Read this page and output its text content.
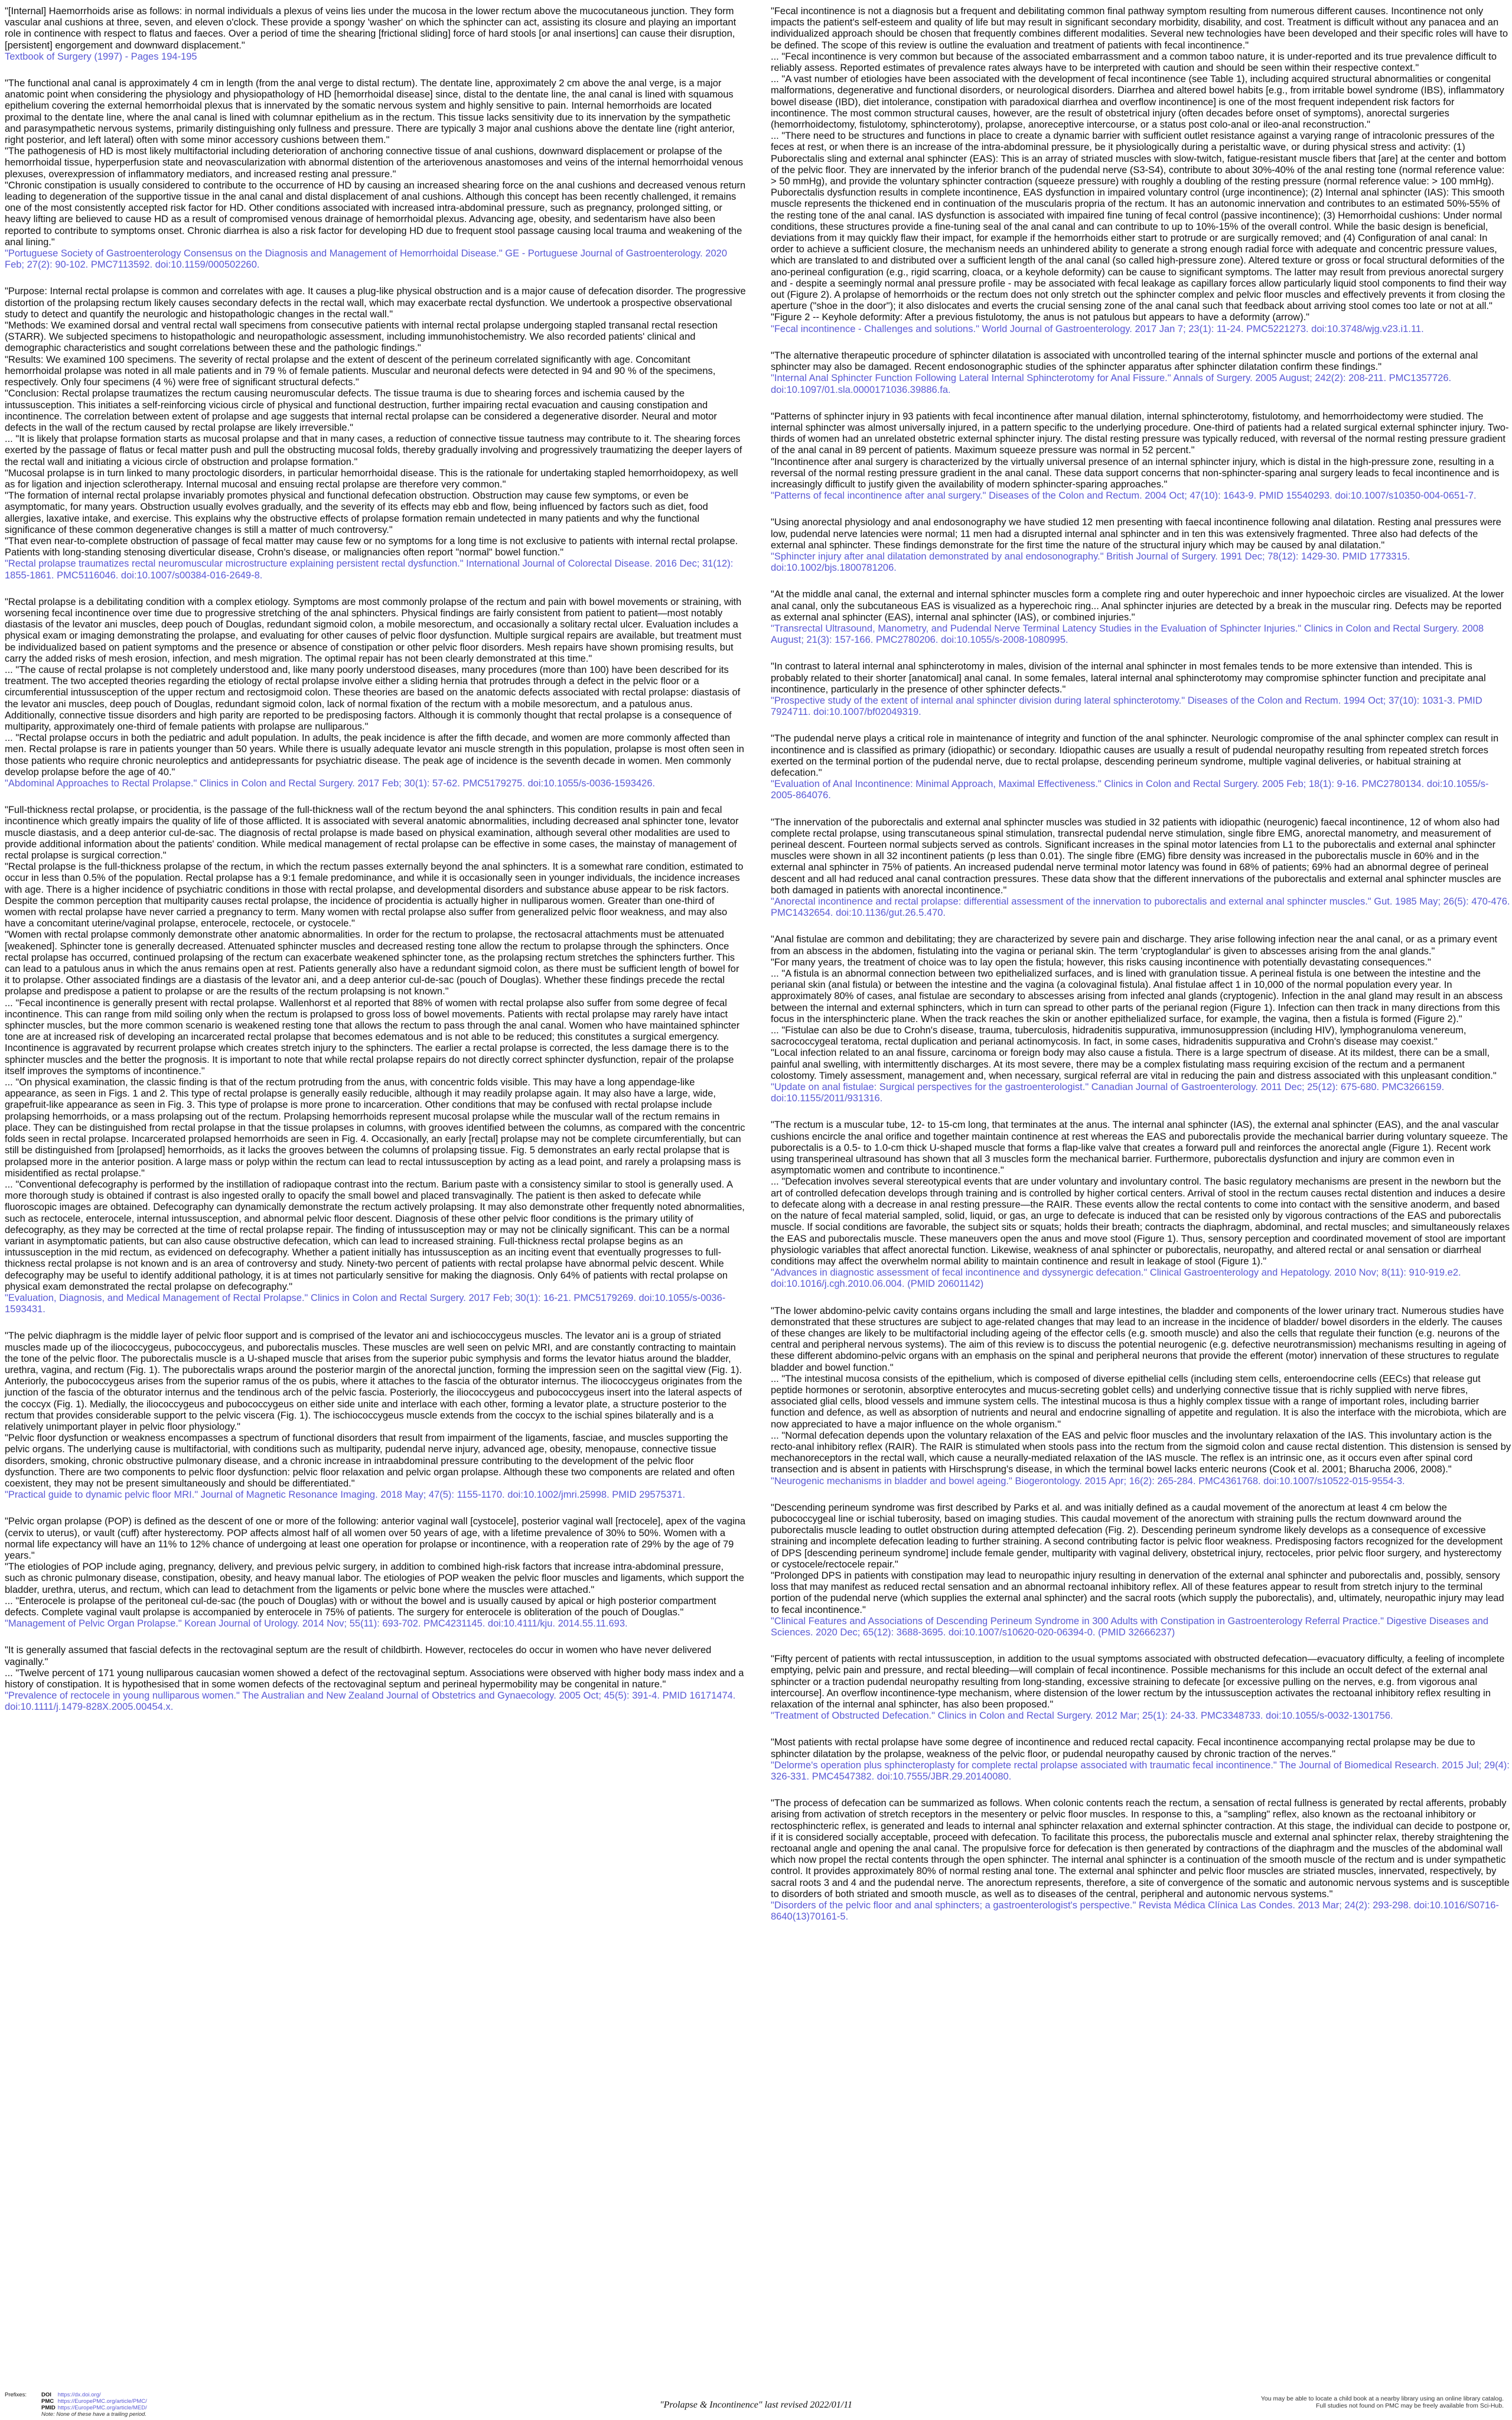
"[Internal] Haemorrhoids arise as follows: in normal individuals a plexus of veins lies under the mucosa in the lower rectum above the mucocutaneous junction. They form vascular anal cushions at three, seven, and eleven o'clock. These provide a spongy 'washer' on which the sphincter can act, assisting its closure and playing an important role in continence with respect to flatus and faeces. Over a period of time the shearing [frictional sliding] force of hard stools [or anal insertions] can cause their disruption, [persistent] engorgement and downward displacement."

Textbook of Surgery (1997) - Pages 194-195

"The functional anal canal is approximately 4 cm in length (from the anal verge to distal rectum). The dentate line, approximately 2 cm above the anal verge, is a major anatomic point when considering the physiology and physiopathology of HD [hemorrhoidal disease] since, distal to the dentate line, the anal canal is lined with squamous epithelium covering the external hemorrhoidal plexus that is innervated by the somatic nervous system and highly sensitive to pain. Internal hemorrhoids are located proximal to the dentate line, where the anal canal is lined with columnar epithelium as in the rectum. This tissue lacks sensitivity due to its innervation by the sympathetic and parasympathetic nervous systems, primarily distinguishing only fullness and pressure. There are typically 3 major anal cushions above the dentate line (right anterior, right posterior, and left lateral) often with some minor accessory cushions between them."

"The pathogenesis of HD is most likely multifactorial including deterioration of anchoring connective tissue of anal cushions, downward displacement or prolapse of the hemorrhoidal tissue, hyperperfusion state and neovascularization with abnormal distention of the arteriovenous anastomoses and veins of the internal hemorrhoidal venous plexuses, overexpression of inflammatory mediators, and increased resting anal pressure."

"Chronic constipation is usually considered to contribute to the occurrence of HD by causing an increased shearing force on the anal cushions and decreased venous return leading to degeneration of the supportive tissue in the anal canal and distal displacement of anal cushions. Although this concept has been recently challenged, it remains one of the most consistently accepted risk factor for HD. Other conditions associated with increased intra-abdominal pressure, such as pregnancy, prolonged sitting, or heavy lifting are believed to cause HD as a result of compromised venous drainage of hemorrhoidal plexus. Advancing age, obesity, and sedentarism have also been reported to contribute to symptoms onset. Chronic diarrhea is also a risk factor for developing HD due to frequent stool passage causing local trauma and weakening of the anal lining."

"Portuguese Society of Gastroenterology Consensus on the Diagnosis and Management of Hemorrhoidal Disease." GE - Portuguese Journal of Gastroenterology. 2020 Feb; 27(2): 90-102. PMC7113592. doi:10.1159/000502260.

"Purpose: Internal rectal prolapse is common and correlates with age. It causes a plug-like physical obstruction and is a major cause of defecation disorder. The progressive distortion of the prolapsing rectum likely causes secondary defects in the rectal wall, which may exacerbate rectal dysfunction. We undertook a prospective observational study to detect and quantify the neurologic and histopathologic changes in the rectal wall."

"Methods: We examined dorsal and ventral rectal wall specimens from consecutive patients with internal rectal prolapse undergoing stapled transanal rectal resection (STARR). We subjected specimens to histopathologic and neuropathologic assessment, including immunohistochemistry. We also recorded patients' clinical and demographic characteristics and sought correlations between these and the pathologic findings."

"Results: We examined 100 specimens. The severity of rectal prolapse and the extent of descent of the perineum correlated significantly with age. Concomitant hemorrhoidal prolapse was noted in all male patients and in 79 % of female patients. Muscular and neuronal defects were detected in 94 and 90 % of the specimens, respectively. Only four specimens (4 %) were free of significant structural defects."

"Conclusion: Rectal prolapse traumatizes the rectum causing neuromuscular defects. The tissue trauma is due to shearing forces and ischemia caused by the intussusception. This initiates a self-reinforcing vicious circle of physical and functional destruction, further impairing rectal evacuation and causing constipation and incontinence. The correlation between extent of prolapse and age suggests that internal rectal prolapse can be considered a degenerative disorder. Neural and motor defects in the wall of the rectum caused by rectal prolapse are likely irreversible."

... "It is likely that prolapse formation starts as mucosal prolapse and that in many cases, a reduction of connective tissue tautness may contribute to it. The shearing forces exerted by the passage of flatus or fecal matter push and pull the obstructing mucosal folds, thereby gradually involving and progressively traumatizing the deeper layers of the rectal wall and initiating a vicious circle of obstruction and prolapse formation."

"Mucosal prolapse is in turn linked to many proctologic disorders, in particular hemorrhoidal disease. This is the rationale for undertaking stapled hemorrhoidopexy, as well as for ligation and injection sclerotherapy. Internal mucosal and ensuing rectal prolapse are therefore very common."

"The formation of internal rectal prolapse invariably promotes physical and functional defecation obstruction. Obstruction may cause few symptoms, or even be asymptomatic, for many years. Obstruction usually evolves gradually, and the severity of its effects may ebb and flow, being influenced by factors such as diet, food allergies, laxative intake, and exercise. This explains why the obstructive effects of prolapse formation remain undetected in many patients and why the functional significance of these common degenerative changes is still a matter of much controversy."

"That even near-to-complete obstruction of passage of fecal matter may cause few or no symptoms for a long time is not exclusive to patients with internal rectal prolapse. Patients with long-standing stenosing diverticular disease, Crohn's disease, or malignancies often report "normal" bowel function."

"Rectal prolapse traumatizes rectal neuromuscular microstructure explaining persistent rectal dysfunction." International Journal of Colorectal Disease. 2016 Dec; 31(12): 1855-1861. PMC5116046. doi:10.1007/s00384-016-2649-8.

"Rectal prolapse is a debilitating condition with a complex etiology. Symptoms are most commonly prolapse of the rectum and pain with bowel movements or straining, with worsening fecal incontinence over time due to progressive stretching of the anal sphincters. Physical findings are fairly consistent from patient to patient—most notably diastasis of the levator ani muscles, deep pouch of Douglas, redundant sigmoid colon, a mobile mesorectum, and occasionally a solitary rectal ulcer. Evaluation includes a physical exam or imaging demonstrating the prolapse, and evaluating for other causes of pelvic floor dysfunction. Multiple surgical repairs are available, but treatment must be individualized based on patient symptoms and the presence or absence of constipation or other pelvic floor disorders. Mesh repairs have shown promising results, but carry the added risks of mesh erosion, infection, and mesh migration. The optimal repair has not been clearly demonstrated at this time."

... "The cause of rectal prolapse is not completely understood and, like many poorly understood diseases, many procedures (more than 100) have been described for its treatment. The two accepted theories regarding the etiology of rectal prolapse involve either a sliding hernia that protrudes through a defect in the pelvic floor or a circumferential intussusception of the upper rectum and rectosigmoid colon. These theories are based on the anatomic defects associated with rectal prolapse: diastasis of the levator ani muscles, deep pouch of Douglas, redundant sigmoid colon, lack of normal fixation of the rectum with a mobile mesorectum, and a patulous anus. Additionally, connective tissue disorders and high parity are reported to be predisposing factors. Although it is commonly thought that rectal prolapse is a consequence of multiparity, approximately one-third of female patients with prolapse are nulliparous."

... "Rectal prolapse occurs in both the pediatric and adult population. In adults, the peak incidence is after the fifth decade, and women are more commonly affected than men. Rectal prolapse is rare in patients younger than 50 years. While there is usually adequate levator ani muscle strength in this population, prolapse is most often seen in those patients who require chronic neuroleptics and antidepressants for psychiatric disease. The peak age of incidence is the seventh decade in women. Men commonly develop prolapse before the age of 40."

"Abdominal Approaches to Rectal Prolapse." Clinics in Colon and Rectal Surgery. 2017 Feb; 30(1): 57-62. PMC5179275. doi:10.1055/s-0036-1593426.

"Full-thickness rectal prolapse, or procidentia, is the passage of the full-thickness wall of the rectum beyond the anal sphincters. This condition results in pain and fecal incontinence which greatly impairs the quality of life of those afflicted. It is associated with several anatomic abnormalities, including decreased anal sphincter tone, levator muscle diastasis, and a deep anterior cul-de-sac. The diagnosis of rectal prolapse is made based on physical examination, although several other modalities are used to provide additional information about the patients' condition. While medical management of rectal prolapse can be effective in some cases, the mainstay of management of rectal prolapse is surgical correction."

"Rectal prolapse is the full-thickness prolapse of the rectum, in which the rectum passes externally beyond the anal sphincters. It is a somewhat rare condition, estimated to occur in less than 0.5% of the population. Rectal prolapse has a 9:1 female predominance, and while it is occasionally seen in younger individuals, the incidence increases with age. There is a higher incidence of psychiatric conditions in those with rectal prolapse, and developmental disorders and substance abuse appear to be risk factors. Despite the common perception that multiparity causes rectal prolapse, the incidence of procidentia is actually higher in nulliparous women. Greater than one-third of women with rectal prolapse have never carried a pregnancy to term. Many women with rectal prolapse also suffer from generalized pelvic floor weakness, and may also have a concomitant uterine/vaginal prolapse, enterocele, rectocele, or cystocele."

"Women with rectal prolapse commonly demonstrate other anatomic abnormalities. In order for the rectum to prolapse, the rectosacral attachments must be attenuated [weakened]. Sphincter tone is generally decreased. Attenuated sphincter muscles and decreased resting tone allow the rectum to prolapse through the sphincters. Once rectal prolapse has occurred, continued prolapsing of the rectum can exacerbate weakened sphincter tone, as the prolapsing rectum stretches the sphincters further. This can lead to a patulous anus in which the anus remains open at rest. Patients generally also have a redundant sigmoid colon, as there must be sufficient length of bowel for it to prolapse. Other associated findings are a diastasis of the levator ani, and a deep anterior cul-de-sac (pouch of Douglas). Whether these findings precede the rectal prolapse and predispose a patient to prolapse or are the results of the rectum prolapsing is not known."

... "Fecal incontinence is generally present with rectal prolapse. Wallenhorst et al reported that 88% of women with rectal prolapse also suffer from some degree of fecal incontinence. This can range from mild soiling only when the rectum is prolapsed to gross loss of bowel movements. Patients with rectal prolapse may rarely have intact sphincter muscles, but the more common scenario is weakened resting tone that allows the rectum to pass through the anal canal. Women who have maintained sphincter tone are at increased risk of developing an incarcerated rectal prolapse that becomes edematous and is not able to be reduced; this constitutes a surgical emergency. Incontinence is aggravated by recurrent prolapse which creates stretch injury to the sphincters. The earlier a rectal prolapse is corrected, the less damage there is to the sphincter muscles and the better the prognosis. It is important to note that while rectal prolapse repairs do not directly correct sphincter dysfunction, repair of the prolapse itself improves the symptoms of incontinence."

... "On physical examination, the classic finding is that of the rectum protruding from the anus, with concentric folds visible. This may have a long appendage-like appearance, as seen in Figs. 1 and 2. This type of rectal prolapse is generally easily reducible, although it may readily prolapse again. It may also have a large, wide, grapefruit-like appearance as seen in Fig. 3. This type of prolapse is more prone to incarceration. Other conditions that may be confused with rectal prolapse include prolapsing hemorrhoids, or a mass prolapsing out of the rectum. Prolapsing hemorrhoids represent mucosal prolapse while the muscular wall of the rectum remains in place. They can be distinguished from rectal prolapse in that the tissue prolapses in columns, with grooves identified between the columns, as compared with the concentric folds seen in rectal prolapse. Incarcerated prolapsed hemorrhoids are seen in Fig. 4. Occasionally, an early [rectal] prolapse may not be complete circumferentially, but can still be distinguished from [prolapsed] hemorrhoids, as it lacks the grooves between the columns of prolapsing tissue. Fig. 5 demonstrates an early rectal prolapse that is prolapsed more in the anterior position. A large mass or polyp within the rectum can lead to rectal intussusception by acting as a lead point, and rarely a prolapsing mass is misidentified as rectal prolapse."

... "Conventional defecography is performed by the instillation of radiopaque contrast into the rectum. Barium paste with a consistency similar to stool is generally used. A more thorough study is obtained if contrast is also ingested orally to opacify the small bowel and placed transvaginally. The patient is then asked to defecate while fluoroscopic images are obtained. Defecography can dynamically demonstrate the rectum actively prolapsing. It may also demonstrate other frequently noted abnormalities, such as rectocele, enterocele, internal intussusception, and abnormal pelvic floor descent. Diagnosis of these other pelvic floor conditions is the primary utility of defecography, as they may be corrected at the time of rectal prolapse repair. The finding of intussusception may or may not be clinically significant. This can be a normal variant in asymptomatic patients, but can also cause obstructive defecation, which can lead to increased straining. Full-thickness rectal prolapse begins as an intussusception in the mid rectum, as evidenced on defecography. Whether a patient initially has intussusception as an inciting event that eventually progresses to full-thickness rectal prolapse is not known and is an area of controversy and study. Ninety-two percent of patients with rectal prolapse have abnormal pelvic descent. While defecography may be useful to identify additional pathology, it is at times not particularly sensitive for making the diagnosis. Only 64% of patients with rectal prolapse on physical exam demonstrated the rectal prolapse on defecography."

"Evaluation, Diagnosis, and Medical Management of Rectal Prolapse." Clinics in Colon and Rectal Surgery. 2017 Feb; 30(1): 16-21. PMC5179269. doi:10.1055/s-0036-1593431.

"The pelvic diaphragm is the middle layer of pelvic floor support and is comprised of the levator ani and ischiococcygeus muscles. The levator ani is a group of striated muscles made up of the iliococcygeus, pubococcygeus, and puborectalis muscles. These muscles are well seen on pelvic MRI, and are constantly contracting to maintain the tone of the pelvic floor. The puborectalis muscle is a U-shaped muscle that arises from the superior pubic symphysis and forms the levator hiatus around the bladder, urethra, vagina, and rectum (Fig. 1). The puborectalis wraps around the posterior margin of the anorectal junction, forming the impression seen on the sagittal view (Fig. 1). Anteriorly, the pubococcygeus arises from the superior ramus of the os pubis, where it attaches to the fascia of the obturator internus. The iliococcygeus originates from the junction of the fascia of the obturator internus and the tendinous arch of the pelvic fascia. Posteriorly, the iliococcygeus and pubococcygeus insert into the lateral aspects of the coccyx (Fig. 1). Medially, the iliococcygeus and pubococcygeus on either side unite and interlace with each other, forming a levator plate, a structure posterior to the rectum that provides considerable support to the pelvic viscera (Fig. 1). The ischiococcygeus muscle extends from the coccyx to the ischial spines bilaterally and is a relatively unimportant player in pelvic floor physiology."

"Pelvic floor dysfunction or weakness encompasses a spectrum of functional disorders that result from impairment of the ligaments, fasciae, and muscles supporting the pelvic organs. The underlying cause is multifactorial, with conditions such as multiparity, pudendal nerve injury, advanced age, obesity, menopause, connective tissue disorders, smoking, chronic obstructive pulmonary disease, and a chronic increase in intraabdominal pressure contributing to the development of the pelvic floor dysfunction. There are two components to pelvic floor dysfunction: pelvic floor relaxation and pelvic organ prolapse. Although these two components are related and often coexistent, they may not be present simultaneously and should be differentiated."

"Practical guide to dynamic pelvic floor MRI." Journal of Magnetic Resonance Imaging. 2018 May; 47(5): 1155-1170. doi:10.1002/jmri.25998. PMID 29575371.

"Pelvic organ prolapse (POP) is defined as the descent of one or more of the following: anterior vaginal wall [cystocele], posterior vaginal wall [rectocele], apex of the vagina (cervix to uterus), or vault (cuff) after hysterectomy. POP affects almost half of all women over 50 years of age, with a lifetime prevalence of 30% to 50%. Women with a normal life expectancy will have an 11% to 12% chance of undergoing at least one operation for prolapse or incontinence, with a reoperation rate of 29% by the age of 79 years."

"The etiologies of POP include aging, pregnancy, delivery, and previous pelvic surgery, in addition to combined high-risk factors that increase intra-abdominal pressure, such as chronic pulmonary disease, constipation, obesity, and heavy manual labor. The etiologies of POP weaken the pelvic floor muscles and ligaments, which support the bladder, urethra, uterus, and rectum, which can lead to detachment from the ligaments or pelvic bone where the muscles were attached."

... "Enterocele is prolapse of the peritoneal cul-de-sac (the pouch of Douglas) with or without the bowel and is usually caused by apical or high posterior compartment defects. Complete vaginal vault prolapse is accompanied by enterocele in 75% of patients. The surgery for enterocele is obliteration of the pouch of Douglas."

"Management of Pelvic Organ Prolapse." Korean Journal of Urology. 2014 Nov; 55(11): 693-702. PMC4231145. doi:10.4111/kju. 2014.55.11.693.

"It is generally assumed that fascial defects in the rectovaginal septum are the result of childbirth. However, rectoceles do occur in women who have never delivered vaginally."

... "Twelve percent of 171 young nulliparous caucasian women showed a defect of the rectovaginal septum. Associations were observed with higher body mass index and a history of constipation. It is hypothesised that in some women defects of the rectovaginal septum and perineal hypermobility may be congenital in nature."

"Prevalence of rectocele in young nulliparous women." The Australian and New Zealand Journal of Obstetrics and Gynaecology. 2005 Oct; 45(5): 391-4. PMID 16171474. doi:10.1111/j.1479-828X.2005.00454.x.

"Fecal incontinence is not a diagnosis but a frequent and debilitating common final pathway symptom resulting from numerous different causes. Incontinence not only impacts the patient's self-esteem and quality of life but may result in significant secondary morbidity, disability, and cost. Treatment is difficult without any panacea and an individualized approach should be chosen that frequently combines different modalities. Several new technologies have been developed and their specific roles will have to be defined. The scope of this review is outline the evaluation and treatment of patients with fecal incontinence."

... "Fecal incontinence is very common but because of the associated embarrassment and a common taboo nature, it is under-reported and its true prevalence difficult to reliably assess. Reported estimates of prevalence rates always have to be interpreted with caution and should be seen within their respective context."

... "A vast number of etiologies have been associated with the development of fecal incontinence (see Table 1), including acquired structural abnormalities or congenital malformations, degenerative and functional disorders, or neurological disorders. Diarrhea and altered bowel habits [e.g., from irritable bowel syndrome (IBS), inflammatory bowel disease (IBD), diet intolerance, constipation with paradoxical diarrhea and overflow incontinence] is one of the most frequent independent risk factors for incontinence. The most common structural causes, however, are the result of obstetrical injury (often decades before onset of symptoms), anorectal surgeries (hemorrhoidectomy, fistulotomy, sphincterotomy), prolapse, anoreceptive intercourse, or a status post colo-anal or ileo-anal reconstruction."

... "There need to be structures and functions in place to create a dynamic barrier with sufficient outlet resistance against a varying range of intracolonic pressures of the feces at rest, or when there is an increase of the intra-abdominal pressure, be it physiologically during a peristaltic wave, or during physical stress and activity: (1) Puborectalis sling and external anal sphincter (EAS): This is an array of striated muscles with slow-twitch, fatigue-resistant muscle fibers that [are] at the center and bottom of the pelvic floor. They are innervated by the inferior branch of the pudendal nerve (S3-S4), contribute to about 30%-40% of the anal resting tone (normal reference value: > 50 mmHg), and provide the voluntary sphincter contraction (squeeze pressure) with roughly a doubling of the resting pressure (normal reference value: > 100 mmHg). Puborectalis dysfunction results in complete incontinence, EAS dysfunction in impaired voluntary control (urge incontinence); (2) Internal anal sphincter (IAS): This smooth muscle represents the thickened end in continuation of the muscularis propria of the rectum. It has an autonomic innervation and contributes to an estimated 50%-55% of the resting tone of the anal canal. IAS dysfunction is associated with impaired fine tuning of fecal control (passive incontinence); (3) Hemorrhoidal cushions: Under normal conditions, these structures provide a fine-tuning seal of the anal canal and can contribute to up to 10%-15% of the overall control. While the basic design is beneficial, deviations from it may quickly flaw their impact, for example if the hemorrhoids either start to protrude or are surgically removed; and (4) Configuration of anal canal: In order to achieve a sufficient closure, the mechanism needs an unhindered ability to generate a strong enough radial force with adequate and concentric pressure values, which are translated to and distributed over a sufficient length of the anal canal (so called high-pressure zone). Altered texture or gross or focal structural deformities of the ano-perineal configuration (e.g., rigid scarring, cloaca, or a keyhole deformity) can be cause to significant symptoms. The latter may result from previous anorectal surgery and - despite a seemingly normal anal pressure profile - may be associated with fecal leakage as capillary forces allow particularly liquid stool components to find their way out (Figure 2). A prolapse of hemorrhoids or the rectum does not only stretch out the sphincter complex and pelvic floor muscles and effectively prevents it from closing the aperture ("shoe in the door"); it also dislocates and everts the crucial sensing zone of the anal canal such that feedback about arriving stool comes too late or not at all."

"Figure 2 -- Keyhole deformity: After a previous fistulotomy, the anus is not patulous but appears to have a deformity (arrow)."

"Fecal incontinence - Challenges and solutions." World Journal of Gastroenterology. 2017 Jan 7; 23(1): 11-24. PMC5221273. doi:10.3748/wjg.v23.i1.11.

"The alternative therapeutic procedure of sphincter dilatation is associated with uncontrolled tearing of the internal sphincter muscle and portions of the external anal sphincter may also be damaged. Recent endosonographic studies of the sphincter apparatus after sphincter dilatation confirm these findings."

"Internal Anal Sphincter Function Following Lateral Internal Sphincterotomy for Anal Fissure." Annals of Surgery. 2005 August; 242(2): 208-211. PMC1357726. doi:10.1097/01.sla.0000171036.39886.fa.

"Patterns of sphincter injury in 93 patients with fecal incontinence after manual dilation, internal sphincterotomy, fistulotomy, and hemorrhoidectomy were studied. The internal sphincter was almost universally injured, in a pattern specific to the underlying procedure. One-third of patients had a related surgical external sphincter injury. Two-thirds of women had an unrelated obstetric external sphincter injury. The distal resting pressure was typically reduced, with reversal of the normal resting pressure gradient of the anal canal in 89 percent of patients. Maximum squeeze pressure was normal in 52 percent."

"Incontinence after anal surgery is characterized by the virtually universal presence of an internal sphincter injury, which is distal in the high-pressure zone, resulting in a reversal of the normal resting pressure gradient in the anal canal. These data support concerns that non-sphincter-sparing anal surgery leads to fecal incontinence and is increasingly difficult to justify given the availability of modern sphincter-sparing approaches."

"Patterns of fecal incontinence after anal surgery." Diseases of the Colon and Rectum. 2004 Oct; 47(10): 1643-9. PMID 15540293. doi:10.1007/s10350-004-0651-7.

"Using anorectal physiology and anal endosonography we have studied 12 men presenting with faecal incontinence following anal dilatation. Resting anal pressures were low, pudendal nerve latencies were normal; 11 men had a disrupted internal anal sphincter and in ten this was extensively fragmented. Three also had defects of the external anal sphincter. These findings demonstrate for the first time the nature of the structural injury which may be caused by anal dilatation."

"Sphincter injury after anal dilatation demonstrated by anal endosonography." British Journal of Surgery. 1991 Dec; 78(12): 1429-30. PMID 1773315. doi:10.1002/bjs.1800781206.

"At the middle anal canal, the external and internal sphincter muscles form a complete ring and outer hyperechoic and inner hypoechoic circles are visualized. At the lower anal canal, only the subcutaneous EAS is visualized as a hyperechoic ring... Anal sphincter injuries are detected by a break in the muscular ring. Defects may be reported as external anal sphincter (EAS), internal anal sphincter (IAS), or combined injuries."

"Transrectal Ultrasound, Manometry, and Pudendal Nerve Terminal Latency Studies in the Evaluation of Sphincter Injuries." Clinics in Colon and Rectal Surgery. 2008 August; 21(3): 157-166. PMC2780206. doi:10.1055/s-2008-1080995.

"In contrast to lateral internal anal sphincterotomy in males, division of the internal anal sphincter in most females tends to be more extensive than intended. This is probably related to their shorter [anatomical] anal canal. In some females, lateral internal anal sphincterotomy may compromise sphincter function and precipitate anal incontinence, particularly in the presence of other sphincter defects."

"Prospective study of the extent of internal anal sphincter division during lateral sphincterotomy." Diseases of the Colon and Rectum. 1994 Oct; 37(10): 1031-3. PMID 7924711. doi:10.1007/bf02049319.

"The pudendal nerve plays a critical role in maintenance of integrity and function of the anal sphincter. Neurologic compromise of the anal sphincter complex can result in incontinence and is classified as primary (idiopathic) or secondary. Idiopathic causes are usually a result of pudendal neuropathy resulting from repeated stretch forces exerted on the terminal portion of the pudendal nerve, due to rectal prolapse, descending perineum syndrome, multiple vaginal deliveries, or habitual straining at defecation."

"Evaluation of Anal Incontinence: Minimal Approach, Maximal Effectiveness." Clinics in Colon and Rectal Surgery. 2005 Feb; 18(1): 9-16. PMC2780134. doi:10.1055/s-2005-864076.

"The innervation of the puborectalis and external anal sphincter muscles was studied in 32 patients with idiopathic (neurogenic) faecal incontinence, 12 of whom also had complete rectal prolapse, using transcutaneous spinal stimulation, transrectal pudendal nerve stimulation, single fibre EMG, anorectal manometry, and measurement of perineal descent. Fourteen normal subjects served as controls. Significant increases in the spinal motor latencies from L1 to the puborectalis and external anal sphincter muscles were shown in all 32 incontinent patients (p less than 0.01). The single fibre (EMG) fibre density was increased in the puborectalis muscle in 60% and in the external anal sphincter in 75% of patients. An increased pudendal nerve terminal motor latency was found in 68% of patients; 69% had an abnormal degree of perineal descent and all had reduced anal canal contraction pressures. These data show that the different innervations of the puborectalis and external anal sphincter muscles are both damaged in patients with anorectal incontinence."

"Anorectal incontinence and rectal prolapse: differential assessment of the innervation to puborectalis and external anal sphincter muscles." Gut. 1985 May; 26(5): 470-476. PMC1432654. doi:10.1136/gut.26.5.470.

"Anal fistulae are common and debilitating; they are characterized by severe pain and discharge. They arise following infection near the anal canal, or as a primary event from an abscess in the abdomen, fistulating into the vagina or perianal skin. The term 'cryptoglandular' is given to abscesses arising from the anal glands."

"For many years, the treatment of choice was to lay open the fistula; however, this risks causing incontinence with potentially devastating consequences."

... "A fistula is an abnormal connection between two epithelialized surfaces, and is lined with granulation tissue. A perineal fistula is one between the intestine and the perianal skin (anal fistula) or between the intestine and the vagina (a colovaginal fistula). Anal fistulae affect 1 in 10,000 of the normal population every year. In approximately 80% of cases, anal fistulae are secondary to abscesses arising from infected anal glands (cryptogenic). Infection in the anal gland may result in an abscess between the internal and external sphincters, which in turn can spread to other parts of the perianal region (Figure 1). Infection can then track in many directions from this focus in the intersphincteric plane. When the track reaches the skin or another epithelialized surface, for example, the vagina, then a fistula is formed (Figure 2)."

... "Fistulae can also be due to Crohn's disease, trauma, tuberculosis, hidradenitis suppurativa, immunosuppression (including HIV), lymphogranuloma venereum, sacrococcygeal teratoma, rectal duplication and perianal actinomycosis. In fact, in some cases, hidradenitis suppurativa and Crohn's disease may coexist."

"Local infection related to an anal fissure, carcinoma or foreign body may also cause a fistula. There is a large spectrum of disease. At its mildest, there can be a small, painful anal swelling, with intermittently discharges. At its most severe, there may be a complex fistulating mass requiring excision of the rectum and a permanent colostomy. Timely assessment, management and, when necessary, surgical referral are vital in reducing the pain and distress associated with this unpleasant condition."

"Update on anal fistulae: Surgical perspectives for the gastroenterologist." Canadian Journal of Gastroenterology. 2011 Dec; 25(12): 675-680. PMC3266159. doi:10.1155/2011/931316.

"The rectum is a muscular tube, 12- to 15-cm long, that terminates at the anus. The internal anal sphincter (IAS), the external anal sphincter (EAS), and the anal vascular cushions encircle the anal orifice and together maintain continence at rest whereas the EAS and puborectalis provide the mechanical barrier during voluntary squeeze. The puborectalis is a 0.5- to 1.0-cm thick U-shaped muscle that forms a flap-like valve that creates a forward pull and reinforces the anorectal angle (Figure 1). Recent work using transperineal ultrasound has shown that all 3 muscles form the mechanical barrier. Furthermore, puborectalis dysfunction and injury are common even in asymptomatic women and contribute to incontinence."

... "Defecation involves several stereotypical events that are under voluntary and involuntary control. The basic regulatory mechanisms are present in the newborn but the art of controlled defecation develops through training and is controlled by higher cortical centers. Arrival of stool in the rectum causes rectal distention and induces a desire to defecate along with a decrease in anal resting pressure—the RAIR. These events allow the rectal contents to come into contact with the sensitive anoderm, and based on the nature of fecal material sampled, solid, liquid, or gas, an urge to defecate is induced that can be resisted only by vigorous contractions of the EAS and puborectalis muscle. If social conditions are favorable, the subject sits or squats; holds their breath; contracts the diaphragm, abdominal, and rectal muscles; and simultaneously relaxes the EAS and puborectalis muscle. These maneuvers open the anus and move stool (Figure 1). Thus, sensory perception and coordinated movement of stool are important physiologic variables that affect anorectal function. Likewise, weakness of anal sphincter or puborectalis, neuropathy, and altered rectal or anal sensation or diarrheal conditions may affect the overwhelm normal ability to maintain continence and result in leakage of stool (Figure 1)."

"Advances in diagnostic assessment of fecal incontinence and dyssynergic defecation." Clinical Gastroenterology and Hepatology. 2010 Nov; 8(11): 910-919.e2. doi:10.1016/j.cgh.2010.06.004. (PMID 20601142)

"The lower abdomino-pelvic cavity contains organs including the small and large intestines, the bladder and components of the lower urinary tract. Numerous studies have demonstrated that these structures are subject to age-related changes that may lead to an increase in the incidence of bladder/ bowel disorders in the elderly. The causes of these changes are likely to be multifactorial including ageing of the effector cells (e.g. smooth muscle) and also the cells that regulate their function (e.g. neurons of the central and peripheral nervous systems). The aim of this review is to discuss the potential neurogenic (e.g. defective neurotransmission) mechanisms resulting in ageing of these different abdomino-pelvic organs with an emphasis on the spinal and peripheral neurons that provide the efferent (motor) innervation of these structures to regulate bladder and bowel function."

... "The intestinal mucosa consists of the epithelium, which is composed of diverse epithelial cells (including stem cells, enteroendocrine cells (EECs) that release gut peptide hormones or serotonin, absorptive enterocytes and mucus-secreting goblet cells) and underlying connective tissue that is richly supplied with nerve fibres, associated glial cells, blood vessels and immune system cells. The intestinal mucosa is thus a highly complex tissue with a range of important roles, including barrier function and defence, as well as absorption of nutrients and neural and endocrine signalling of appetite and regulation. It is also the interface with the microbiota, which are now appreciated to have a major influence on the whole organism."

... "Normal defecation depends upon the voluntary relaxation of the EAS and pelvic floor muscles and the involuntary relaxation of the IAS. This involuntary action is the recto-anal inhibitory reflex (RAIR). The RAIR is stimulated when stools pass into the rectum from the sigmoid colon and cause rectal distention. This distension is sensed by mechanoreceptors in the rectal wall, which cause a neurally-mediated relaxation of the IAS muscle. The reflex is an intrinsic one, as it occurs even after spinal cord transection and is absent in patients with Hirschsprung's disease, in which the terminal bowel lacks enteric neurons (Cook et al. 2001; Bharucha 2006, 2008)."

"Neurogenic mechanisms in bladder and bowel ageing." Biogerontology. 2015 Apr; 16(2): 265-284. PMC4361768. doi:10.1007/s10522-015-9554-3.

"Descending perineum syndrome was first described by Parks et al. and was initially defined as a caudal movement of the anorectum at least 4 cm below the pubococcygeal line or ischial tuberosity, based on imaging studies. This caudal movement of the anorectum with straining pulls the rectum downward around the puborectalis muscle leading to outlet obstruction during attempted defecation (Fig. 2). Descending perineum syndrome likely develops as a consequence of excessive straining and incomplete defecation leading to further straining. A second contributing factor is pelvic floor weakness. Predisposing factors recognized for the development of DPS [descending perineum syndrome] include female gender, multiparity with vaginal delivery, obstetrical injury, rectoceles, prior pelvic floor surgery, and hysterectomy or cystocele/rectocele repair."

"Prolonged DPS in patients with constipation may lead to neuropathic injury resulting in denervation of the external anal sphincter and puborectalis and, possibly, sensory loss that may manifest as reduced rectal sensation and an abnormal rectoanal inhibitory reflex. All of these features appear to result from stretch injury to the terminal portion of the pudendal nerve (which supplies the external anal sphincter) and the sacral roots (which supply the puborectalis), and, ultimately, neuropathic injury may lead to fecal incontinence."

"Clinical Features and Associations of Descending Perineum Syndrome in 300 Adults with Constipation in Gastroenterology Referral Practice." Digestive Diseases and Sciences. 2020 Dec; 65(12): 3688-3695. doi:10.1007/s10620-020-06394-0. (PMID 32666237)

"Fifty percent of patients with rectal intussusception, in addition to the usual symptoms associated with obstructed defecation—evacuatory difficulty, a feeling of incomplete emptying, pelvic pain and pressure, and rectal bleeding—will complain of fecal incontinence. Possible mechanisms for this include an occult defect of the external anal sphincter or a traction pudendal neuropathy resulting from long-standing, excessive straining to defecate [or excessive pulling on the nerves, e.g. from vigorous anal intercourse]. An overflow incontinence-type mechanism, where distension of the lower rectum by the intussusception activates the rectoanal inhibitory reflex resulting in relaxation of the internal anal sphincter, has also been proposed."

"Treatment of Obstructed Defecation." Clinics in Colon and Rectal Surgery. 2012 Mar; 25(1): 24-33. PMC3348733. doi:10.1055/s-0032-1301756.

"Most patients with rectal prolapse have some degree of incontinence and reduced rectal capacity. Fecal incontinence accompanying rectal prolapse may be due to sphincter dilatation by the prolapse, weakness of the pelvic floor, or pudendal neuropathy caused by chronic traction of the nerves."

"Delorme's operation plus sphincteroplasty for complete rectal prolapse associated with traumatic fecal incontinence." The Journal of Biomedical Research. 2015 Jul; 29(4): 326-331. PMC4547382. doi:10.7555/JBR.29.20140080.

"The process of defecation can be summarized as follows. When colonic contents reach the rectum, a sensation of rectal fullness is generated by rectal afferents, probably arising from activation of stretch receptors in the mesentery or pelvic floor muscles. In response to this, a "sampling" reflex, also known as the rectoanal inhibitory or rectosphincteric reflex, is generated and leads to internal anal sphincter relaxation and external sphincter contraction. At this stage, the individual can decide to postpone or, if it is considered socially acceptable, proceed with defecation. To facilitate this process, the puborectalis muscle and external anal sphincter relax, thereby straightening the rectoanal angle and opening the anal canal. The propulsive force for defecation is then generated by contractions of the diaphragm and the muscles of the abdominal wall which now propel the rectal contents through the open sphincter. The internal anal sphincter is a continuation of the smooth muscle of the rectum and is under sympathetic control. It provides approximately 80% of normal resting anal tone. The external anal sphincter and pelvic floor muscles are striated muscles, innervated, respectively, by sacral roots 3 and 4 and the pudendal nerve. The anorectum represents, therefore, a site of convergence of the somatic and autonomic nervous systems and is susceptible to disorders of both striated and smooth muscle, as well as to diseases of the central, peripheral and autonomic nervous systems."

"Disorders of the pelvic floor and anal sphincters; a gastroenterologist's perspective." Revista Médica Clínica Las Condes. 2013 Mar; 24(2): 293-298. doi:10.1016/S0716-8640(13)70161-5.

Prefixes:	DOI	https://dx.doi.org/
PMC	https://EuropePMC.org/article/PMC/
PMID	https://EuropePMC.org/article/MED/
Note: None of these have a trailing period.	
"Prolapse & Incontinence" last revised 2022/01/11
You may be able to locate a child book at a nearby library using an online library catalog.
Full studies not found on PMC may be freely available from Sci-Hub.
